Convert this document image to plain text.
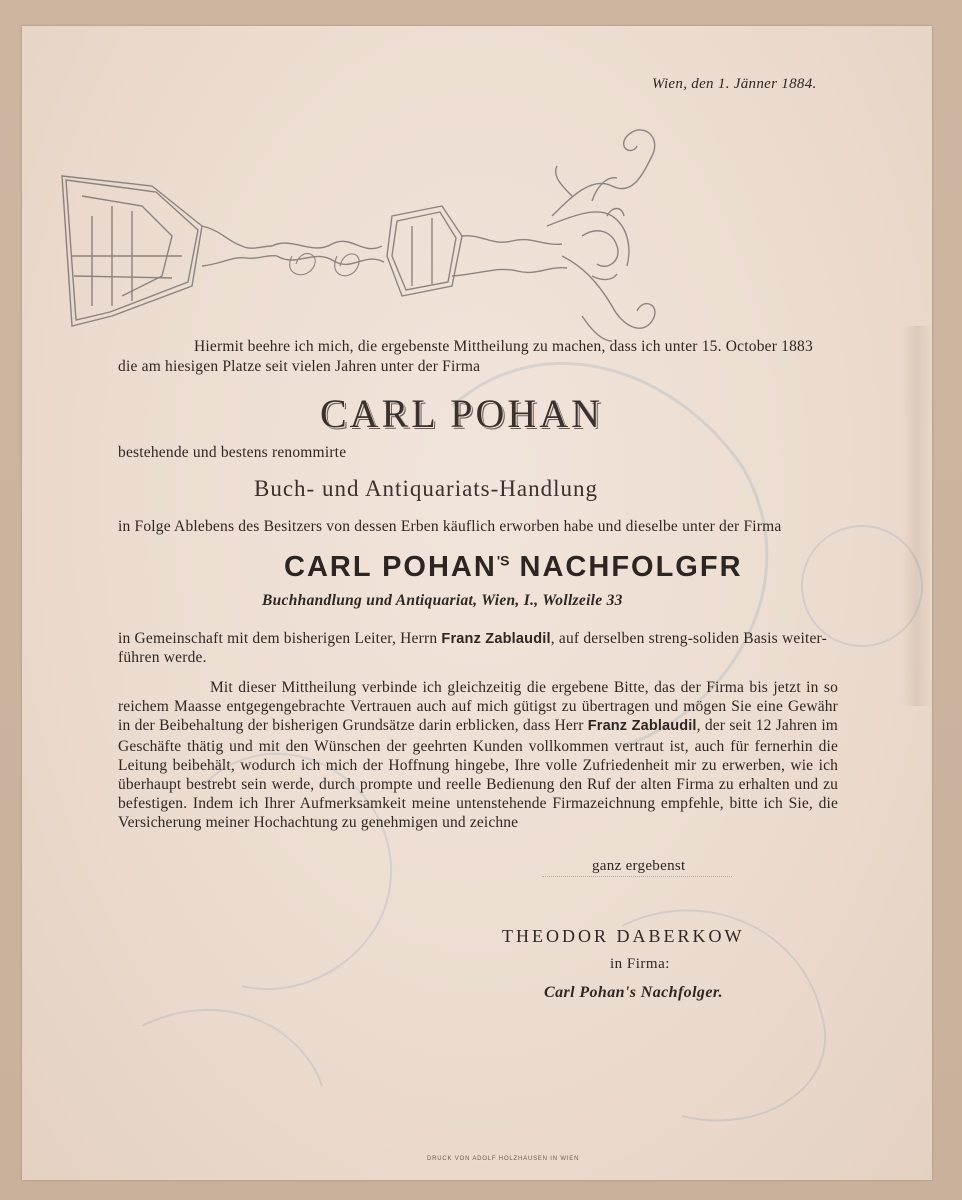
Wien, den 1. Jänner 1884.
Hiermit beehre ich mich, die ergebenste Mittheilung zu machen, dass ich unter 15. October 1883
die am hiesigen Platze seit vielen Jahren unter der Firma
CARL POHAN
bestehende und bestens renommirte
Buch- und Antiquariats-Handlung
in Folge Ablebens des Besitzers von dessen Erben käuflich erworben habe und dieselbe unter der Firma
CARL $POHAN^{'S}$ NACHFOLGFR
Buchhandlung und Antiquariat, Wien, I., Wollzeile 33
in Gemeinschaft mit dem bisherigen Leiter, Herrn Franz Zablaudil, auf derselben streng-soliden Basis weiter-
führen werde.
Mit dieser Mittheilung verbinde ich gleichzeitig die ergebene Bitte, das der Firma bis jetzt in so reichem Maasse entgegengebrachte Vertrauen auch auf mich gütigst zu übertragen und mögen Sie eine Gewähr in der Beibehaltung der bisherigen Grundsätze darin erblicken, dass Herr Franz Zablaudil, der seit 12 Jahren im Geschäfte thätig und mit den Wünschen der geehrten Kunden vollkommen vertraut ist, auch für fernerhin die Leitung beibehält, wodurch ich mich der Hoffnung hingebe, Ihre volle Zufriedenheit mir zu erwerben, wie ich überhaupt bestrebt sein werde, durch prompte und reelle Bedienung den Ruf der alten Firma zu erhalten und zu befestigen. Indem ich Ihrer Aufmerksamkeit meine untenstehende Firmazeichnung empfehle, bitte ich Sie, die Versicherung meiner Hochachtung zu genehmigen und zeichne
ganz ergebenst
THEODOR DABERKOW
in Firma:
Carl Pohan's Nachfolger.
DRUCK VON ADOLF HOLZHAUSEN IN WIEN
